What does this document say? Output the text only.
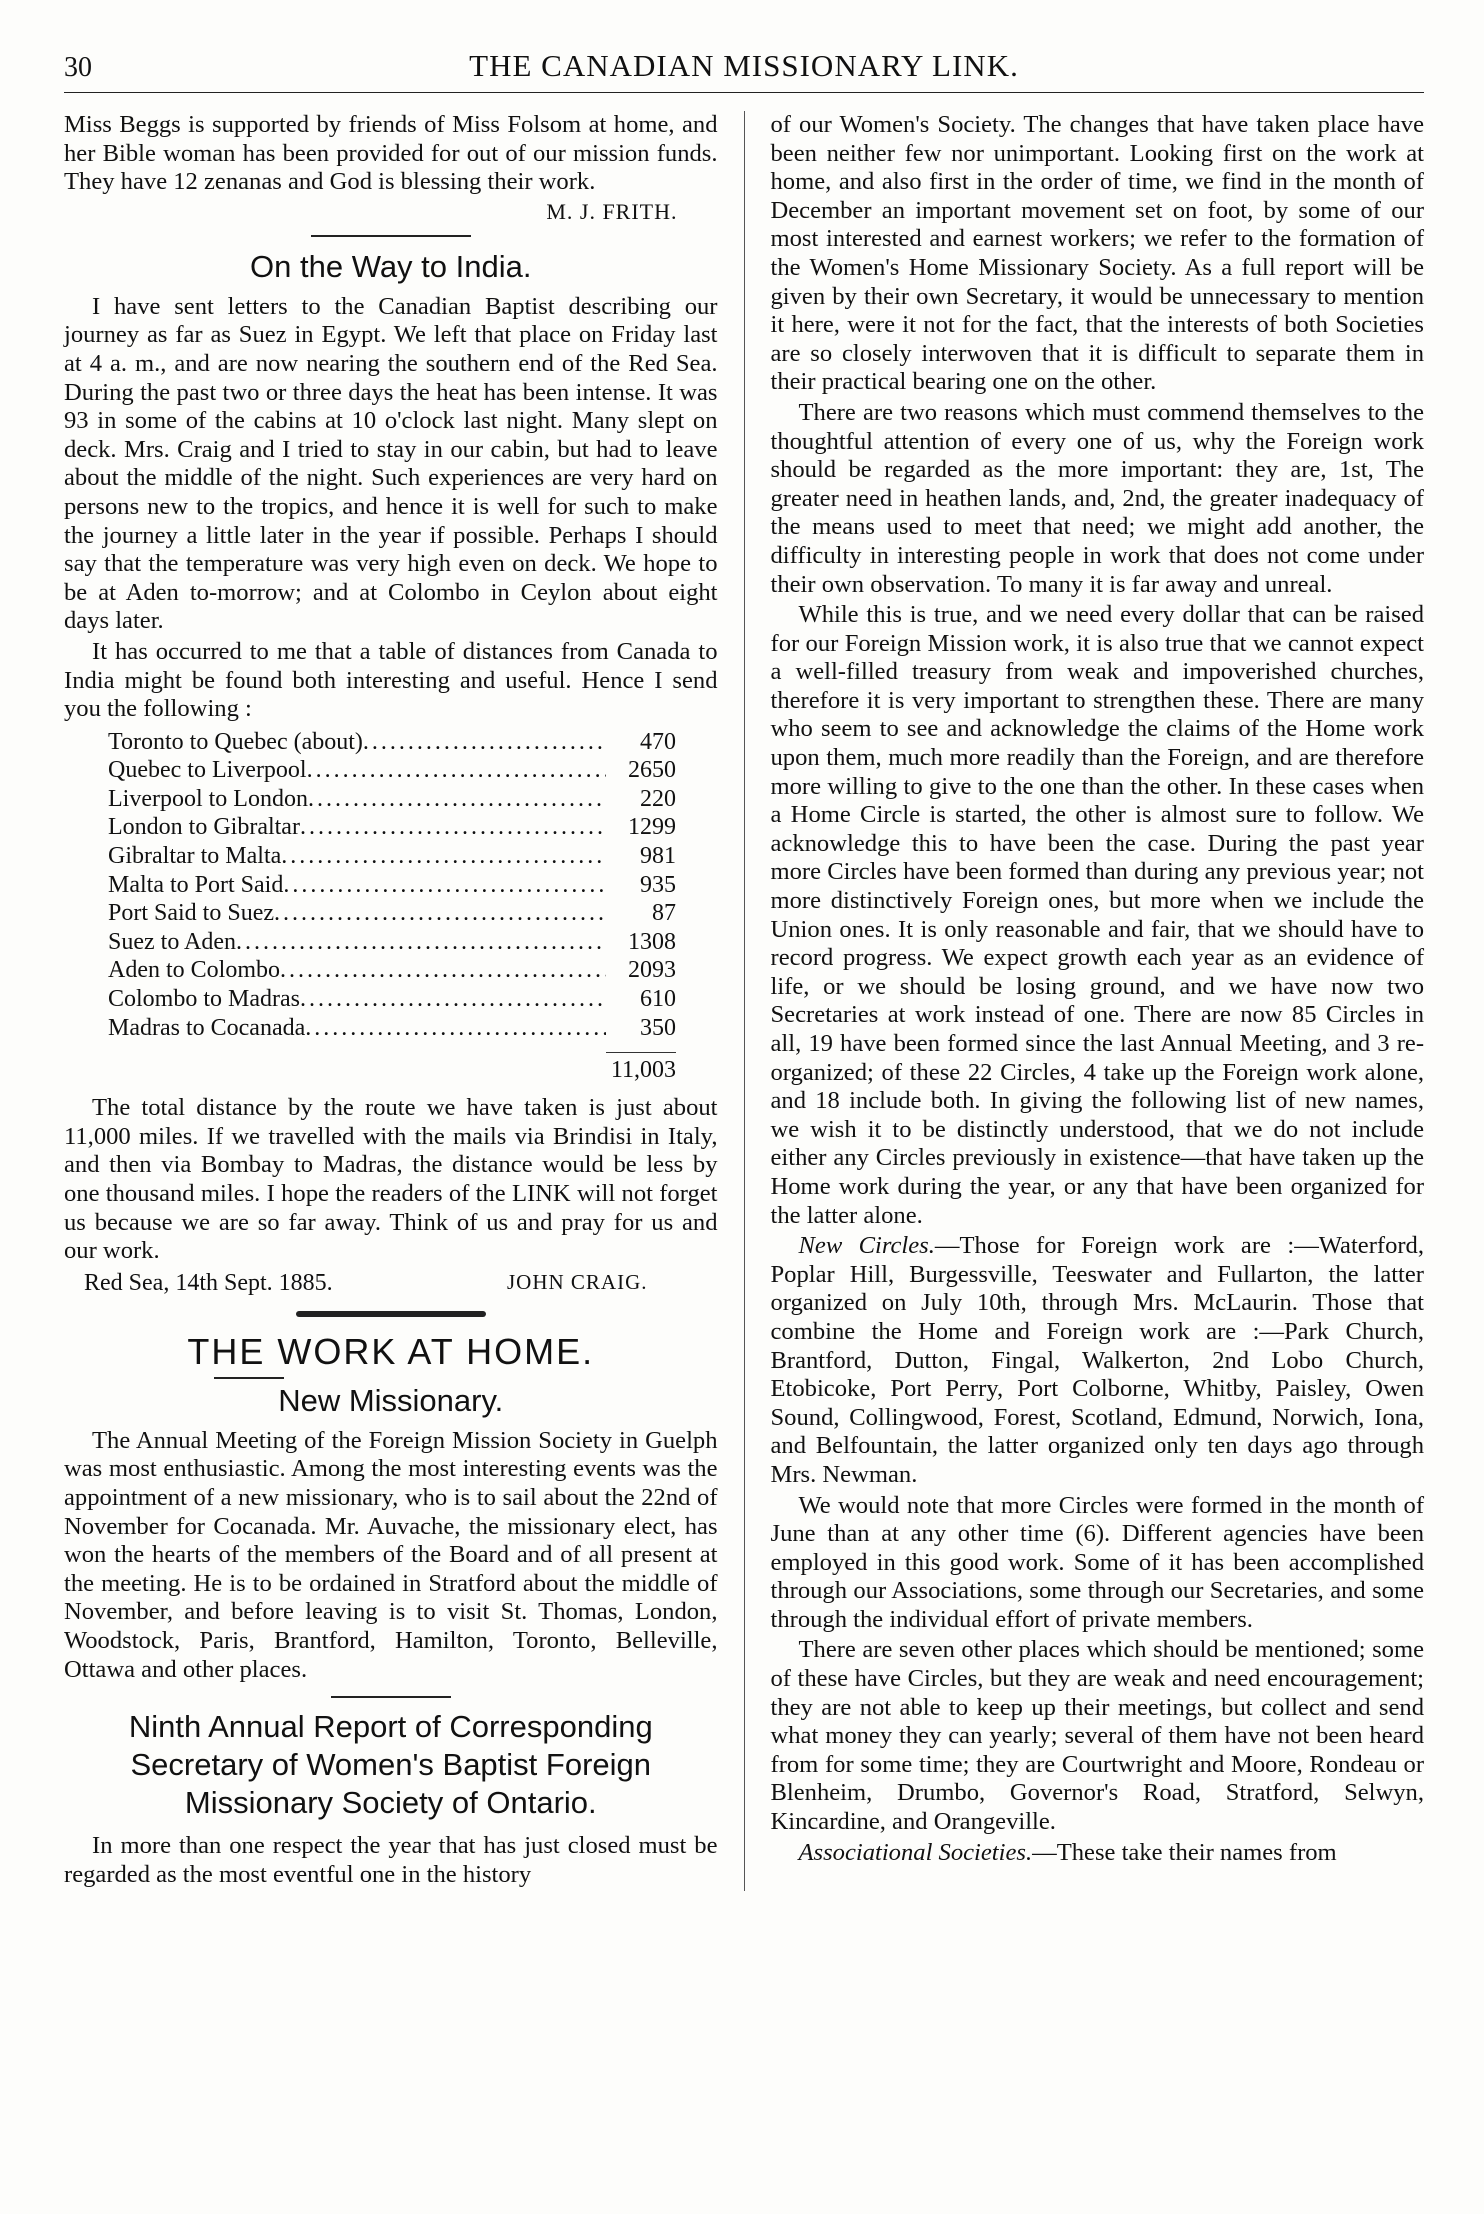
30	THE CANADIAN MISSIONARY LINK.

Miss Beggs is supported by friends of Miss Folsom at home, and her Bible woman has been provided for out of our mission funds. They have 12 zenanas and God is blessing their work.

M. J. FRITH.
On the Way to India.

I have sent letters to the Canadian Baptist describing our journey as far as Suez in Egypt. We left that place on Friday last at 4 a. m., and are now nearing the southern end of the Red Sea. During the past two or three days the heat has been intense. It was 93 in some of the cabins at 10 o'clock last night. Many slept on deck. Mrs. Craig and I tried to stay in our cabin, but had to leave about the middle of the night. Such experiences are very hard on persons new to the tropics, and hence it is well for such to make the journey a little later in the year if possible. Perhaps I should say that the temperature was very high even on deck. We hope to be at Aden to-morrow; and at Colombo in Ceylon about eight days later.

It has occurred to me that a table of distances from Canada to India might be found both interesting and useful. Hence I send you the following :

Toronto to Quebec (about) .....	470
Quebec to Liverpool .....	2650
Liverpool to London .....	220
London to Gibraltar .....	1299
Gibraltar to Malta .....	981
Malta to Port Said .....	935
Port Said to Suez .....	87
Suez to Aden .....	1308
Aden to Colombo .....	2093
Colombo to Madras .....	610
Madras to Cocanada .....	350
11,003

The total distance by the route we have taken is just about 11,000 miles. If we travelled with the mails via Brindisi in Italy, and then via Bombay to Madras, the distance would be less by one thousand miles. I hope the readers of the LINK will not forget us because we are so far away. Think of us and pray for us and our work.

Red Sea, 14th Sept. 1885.	JOHN CRAIG.
THE WORK AT HOME.
New Missionary.

The Annual Meeting of the Foreign Mission Society in Guelph was most enthusiastic. Among the most interesting events was the appointment of a new missionary, who is to sail about the 22nd of November for Cocanada. Mr. Auvache, the missionary elect, has won the hearts of the members of the Board and of all present at the meeting. He is to be ordained in Stratford about the middle of November, and before leaving is to visit St. Thomas, London, Woodstock, Paris, Brantford, Hamilton, Toronto, Belleville, Ottawa and other places.

Ninth Annual Report of Corresponding Secretary of Women's Baptist Foreign Missionary Society of Ontario.

In more than one respect the year that has just closed must be regarded as the most eventful one in the history

of our Women's Society. The changes that have taken place have been neither few nor unimportant. Looking first on the work at home, and also first in the order of time, we find in the month of December an important movement set on foot, by some of our most interested and earnest workers; we refer to the formation of the Women's Home Missionary Society. As a full report will be given by their own Secretary, it would be unnecessary to mention it here, were it not for the fact, that the interests of both Societies are so closely interwoven that it is difficult to separate them in their practical bearing one on the other.

There are two reasons which must commend themselves to the thoughtful attention of every one of us, why the Foreign work should be regarded as the more important: they are, 1st, The greater need in heathen lands, and, 2nd, the greater inadequacy of the means used to meet that need; we might add another, the difficulty in interesting people in work that does not come under their own observation. To many it is far away and unreal.

While this is true, and we need every dollar that can be raised for our Foreign Mission work, it is also true that we cannot expect a well-filled treasury from weak and impoverished churches, therefore it is very important to strengthen these. There are many who seem to see and acknowledge the claims of the Home work upon them, much more readily than the Foreign, and are therefore more willing to give to the one than the other. In these cases when a Home Circle is started, the other is almost sure to follow. We acknowledge this to have been the case. During the past year more Circles have been formed than during any previous year; not more distinctively Foreign ones, but more when we include the Union ones. It is only reasonable and fair, that we should have to record progress. We expect growth each year as an evidence of life, or we should be losing ground, and we have now two Secretaries at work instead of one. There are now 85 Circles in all, 19 have been formed since the last Annual Meeting, and 3 re-organized; of these 22 Circles, 4 take up the Foreign work alone, and 18 include both. In giving the following list of new names, we wish it to be distinctly understood, that we do not include either any Circles previously in existence—that have taken up the Home work during the year, or any that have been organized for the latter alone.

New Circles.—Those for Foreign work are :—Waterford, Poplar Hill, Burgessville, Teeswater and Fullarton, the latter organized on July 10th, through Mrs. McLaurin. Those that combine the Home and Foreign work are :—Park Church, Brantford, Dutton, Fingal, Walkerton, 2nd Lobo Church, Etobicoke, Port Perry, Port Colborne, Whitby, Paisley, Owen Sound, Collingwood, Forest, Scotland, Edmund, Norwich, Iona, and Belfountain, the latter organized only ten days ago through Mrs. Newman.

We would note that more Circles were formed in the month of June than at any other time (6). Different agencies have been employed in this good work. Some of it has been accomplished through our Associations, some through our Secretaries, and some through the individual effort of private members.

There are seven other places which should be mentioned; some of these have Circles, but they are weak and need encouragement; they are not able to keep up their meetings, but collect and send what money they can yearly; several of them have not been heard from for some time; they are Courtwright and Moore, Rondeau or Blenheim, Drumbo, Governor's Road, Stratford, Selwyn, Kincardine, and Orangeville.

Associational Societies.—These take their names from
